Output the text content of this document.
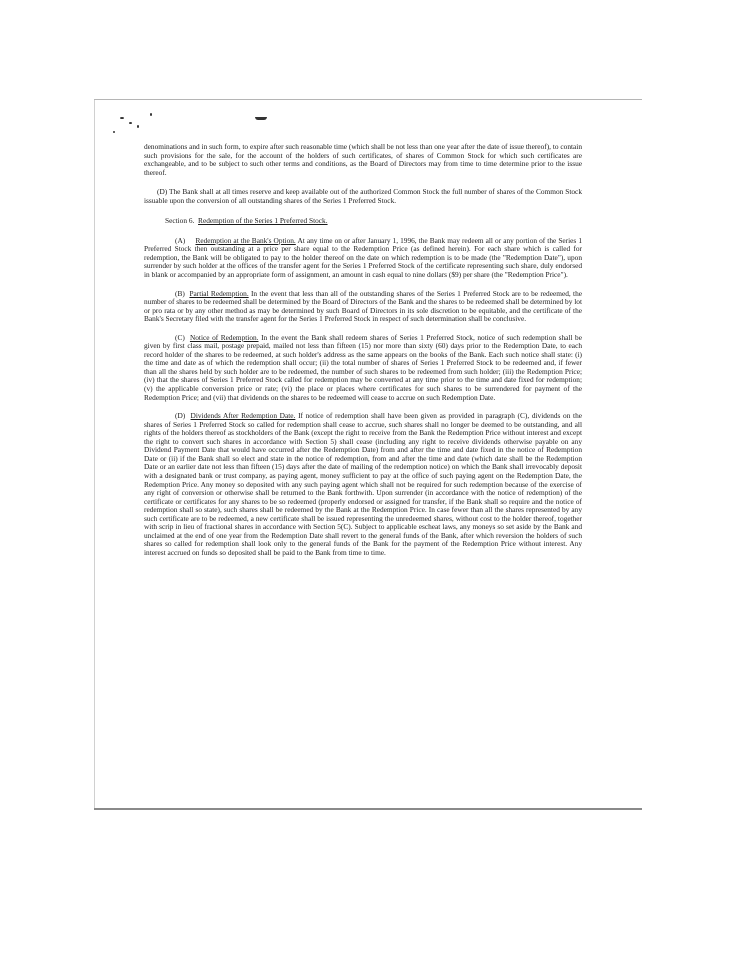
denominations and in such form, to expire after such reasonable time (which shall be not less than one year after the date of issue thereof), to contain such provisions for the sale, for the account of the holders of such certificates, of shares of Common Stock for which such certificates are exchangeable, and to be subject to such other terms and conditions, as the Board of Directors may from time to time determine prior to the issue thereof.

(D) The Bank shall at all times reserve and keep available out of the authorized Common Stock the full number of shares of the Common Stock issuable upon the conversion of all outstanding shares of the Series 1 Preferred Stock.

Section 6. Redemption of the Series 1 Preferred Stock.

(A) Redemption at the Bank's Option. At any time on or after January 1, 1996, the Bank may redeem all or any portion of the Series 1 Preferred Stock then outstanding at a price per share equal to the Redemption Price (as defined herein). For each share which is called for redemption, the Bank will be obligated to pay to the holder thereof on the date on which redemption is to be made (the "Redemption Date"), upon surrender by such holder at the offices of the transfer agent for the Series 1 Preferred Stock of the certificate representing such share, duly endorsed in blank or accompanied by an appropriate form of assignment, an amount in cash equal to nine dollars ($9) per share (the "Redemption Price").

(B) Partial Redemption. In the event that less than all of the outstanding shares of the Series 1 Preferred Stock are to be redeemed, the number of shares to be redeemed shall be determined by the Board of Directors of the Bank and the shares to be redeemed shall be determined by lot or pro rata or by any other method as may be determined by such Board of Directors in its sole discretion to be equitable, and the certificate of the Bank's Secretary filed with the transfer agent for the Series 1 Preferred Stock in respect of such determination shall be conclusive.

(C) Notice of Redemption. In the event the Bank shall redeem shares of Series 1 Preferred Stock, notice of such redemption shall be given by first class mail, postage prepaid, mailed not less than fifteen (15) nor more than sixty (60) days prior to the Redemption Date, to each record holder of the shares to be redeemed, at such holder's address as the same appears on the books of the Bank. Each such notice shall state: (i) the time and date as of which the redemption shall occur; (ii) the total number of shares of Series 1 Preferred Stock to be redeemed and, if fewer than all the shares held by such holder are to be redeemed, the number of such shares to be redeemed from such holder; (iii) the Redemption Price; (iv) that the shares of Series 1 Preferred Stock called for redemption may be converted at any time prior to the time and date fixed for redemption; (v) the applicable conversion price or rate; (vi) the place or places where certificates for such shares to be surrendered for payment of the Redemption Price; and (vii) that dividends on the shares to be redeemed will cease to accrue on such Redemption Date.

(D) Dividends After Redemption Date. If notice of redemption shall have been given as provided in paragraph (C), dividends on the shares of Series 1 Preferred Stock so called for redemption shall cease to accrue, such shares shall no longer be deemed to be outstanding, and all rights of the holders thereof as stockholders of the Bank (except the right to receive from the Bank the Redemption Price without interest and except the right to convert such shares in accordance with Section 5) shall cease (including any right to receive dividends otherwise payable on any Dividend Payment Date that would have occurred after the Redemption Date) from and after the time and date fixed in the notice of Redemption Date or (ii) if the Bank shall so elect and state in the notice of redemption, from and after the time and date (which date shall be the Redemption Date or an earlier date not less than fifteen (15) days after the date of mailing of the redemption notice) on which the Bank shall irrevocably deposit with a designated bank or trust company, as paying agent, money sufficient to pay at the office of such paying agent on the Redemption Date, the Redemption Price. Any money so deposited with any such paying agent which shall not be required for such redemption because of the exercise of any right of conversion or otherwise shall be returned to the Bank forthwith. Upon surrender (in accordance with the notice of redemption) of the certificate or certificates for any shares to be so redeemed (properly endorsed or assigned for transfer, if the Bank shall so require and the notice of redemption shall so state), such shares shall be redeemed by the Bank at the Redemption Price. In case fewer than all the shares represented by any such certificate are to be redeemed, a new certificate shall be issued representing the unredeemed shares, without cost to the holder thereof, together with scrip in lieu of fractional shares in accordance with Section 5(C). Subject to applicable escheat laws, any moneys so set aside by the Bank and unclaimed at the end of one year from the Redemption Date shall revert to the general funds of the Bank, after which reversion the holders of such shares so called for redemption shall look only to the general funds of the Bank for the payment of the Redemption Price without interest. Any interest accrued on funds so deposited shall be paid to the Bank from time to time.
